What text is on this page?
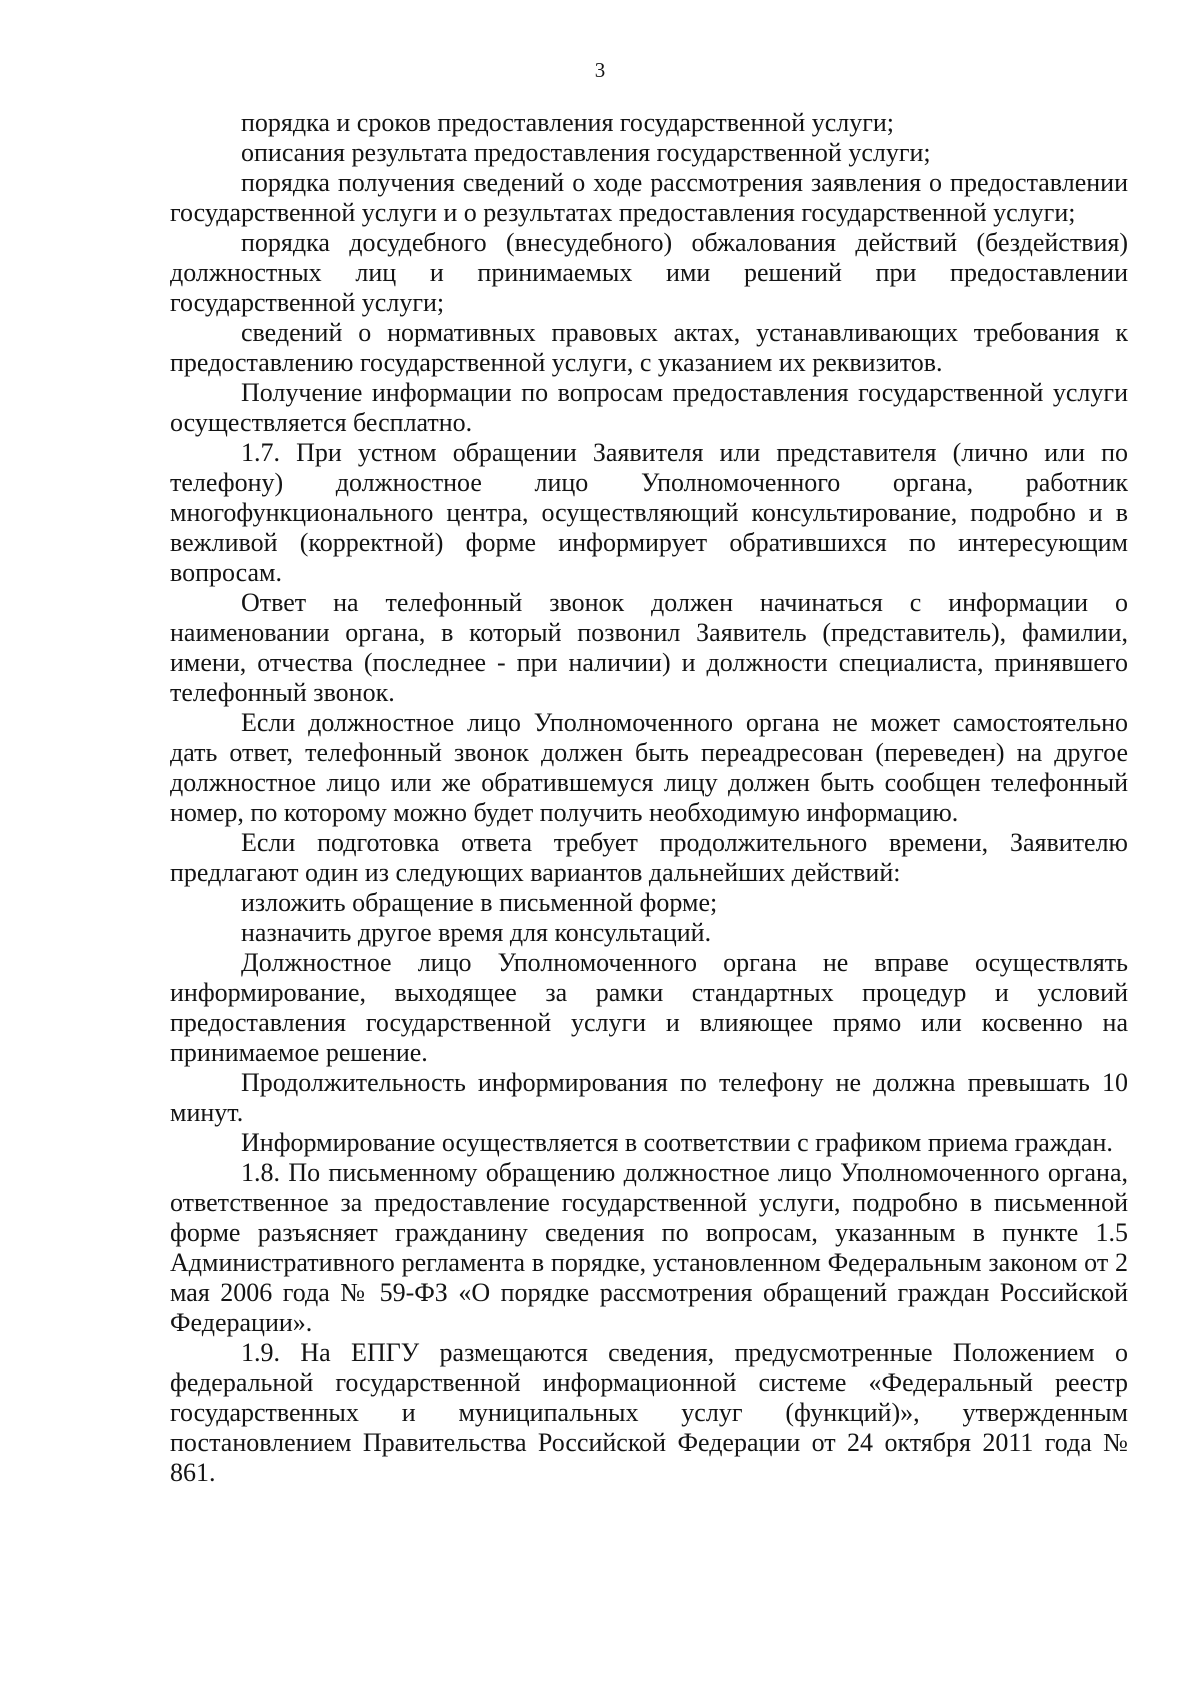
3

порядка и сроков предоставления государственной услуги;

описания результата предоставления государственной услуги;

порядка получения сведений о ходе рассмотрения заявления о предоставлении государственной услуги и о результатах предоставления государственной услуги;

порядка досудебного (внесудебного) обжалования действий (бездействия) должностных лиц и принимаемых ими решений при предоставлении государственной услуги;

сведений о нормативных правовых актах, устанавливающих требования к предоставлению государственной услуги, с указанием их реквизитов.

Получение информации по вопросам предоставления государственной услуги осуществляется бесплатно.

1.7. При устном обращении Заявителя или представителя (лично или по телефону) должностное лицо Уполномоченного органа, работник многофункционального центра, осуществляющий консультирование, подробно и в вежливой (корректной) форме информирует обратившихся по интересующим вопросам.

Ответ на телефонный звонок должен начинаться с информации о наименовании органа, в который позвонил Заявитель (представитель), фамилии, имени, отчества (последнее - при наличии) и должности специалиста, принявшего телефонный звонок.

Если должностное лицо Уполномоченного органа не может самостоятельно дать ответ, телефонный звонок должен быть переадресован (переведен) на другое должностное лицо или же обратившемуся лицу должен быть сообщен телефонный номер, по которому можно будет получить необходимую информацию.

Если подготовка ответа требует продолжительного времени, Заявителю предлагают один из следующих вариантов дальнейших действий:

изложить обращение в письменной форме;

назначить другое время для консультаций.

Должностное лицо Уполномоченного органа не вправе осуществлять информирование, выходящее за рамки стандартных процедур и условий предоставления государственной услуги и влияющее прямо или косвенно на принимаемое решение.

Продолжительность информирования по телефону не должна превышать 10 минут.

Информирование осуществляется в соответствии с графиком приема граждан.

1.8. По письменному обращению должностное лицо Уполномоченного органа, ответственное за предоставление государственной услуги, подробно в письменной форме разъясняет гражданину сведения по вопросам, указанным в пункте 1.5 Административного регламента в порядке, установленном Федеральным законом от 2 мая 2006 года № 59-ФЗ «О порядке рассмотрения обращений граждан Российской Федерации».

1.9. На ЕПГУ размещаются сведения, предусмотренные Положением о федеральной государственной информационной системе «Федеральный реестр государственных и муниципальных услуг (функций)», утвержденным постановлением Правительства Российской Федерации от 24 октября 2011 года № 861.
